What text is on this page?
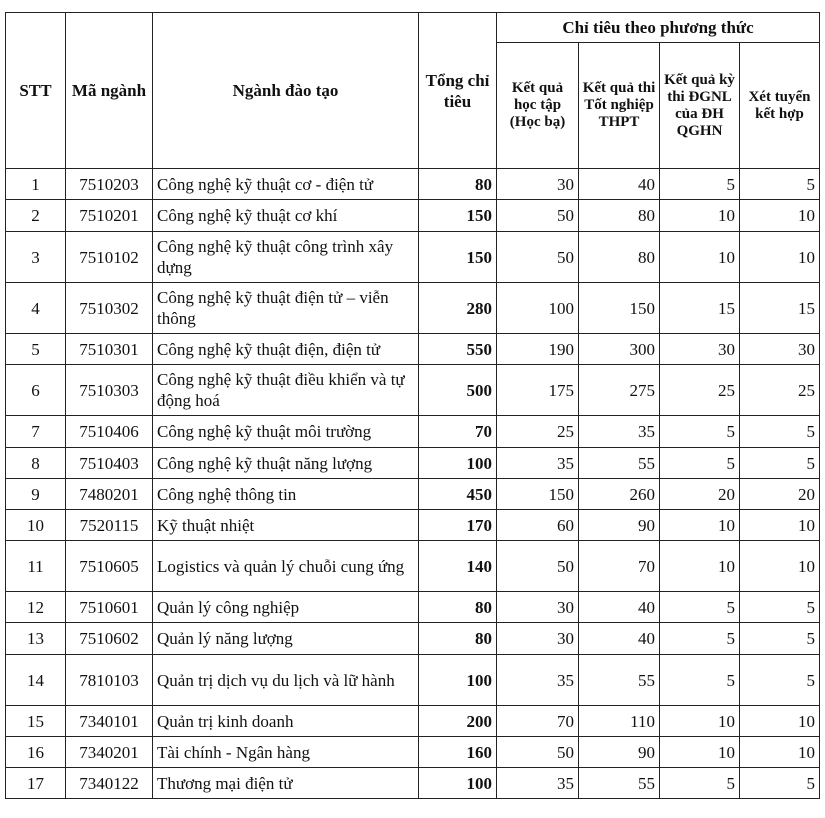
STT	Mã ngành	Ngành đào tạo	Tổng chỉ tiêu	Chỉ tiêu theo phương thức			
				Kết quả học tập (Học bạ)	Kết quả thi Tốt nghiệp THPT	Kết quả kỳ thi ĐGNL của ĐH QGHN	Xét tuyển kết hợp
1	7510203	Công nghệ kỹ thuật cơ - điện tử	80	30	40	5	5
2	7510201	Công nghệ kỹ thuật cơ khí	150	50	80	10	10
3	7510102	Công nghệ kỹ thuật công trình xây dựng	150	50	80	10	10
4	7510302	Công nghệ kỹ thuật điện tử – viễn thông	280	100	150	15	15
5	7510301	Công nghệ kỹ thuật điện, điện tử	550	190	300	30	30
6	7510303	Công nghệ kỹ thuật điều khiển và tự động hoá	500	175	275	25	25
7	7510406	Công nghệ kỹ thuật môi trường	70	25	35	5	5
8	7510403	Công nghệ kỹ thuật năng lượng	100	35	55	5	5
9	7480201	Công nghệ thông tin	450	150	260	20	20
10	7520115	Kỹ thuật nhiệt	170	60	90	10	10
11	7510605	Logistics và quản lý chuỗi cung ứng	140	50	70	10	10
12	7510601	Quản lý công nghiệp	80	30	40	5	5
13	7510602	Quản lý năng lượng	80	30	40	5	5
14	7810103	Quản trị dịch vụ du lịch và lữ hành	100	35	55	5	5
15	7340101	Quản trị kinh doanh	200	70	110	10	10
16	7340201	Tài chính - Ngân hàng	160	50	90	10	10
17	7340122	Thương mại điện tử	100	35	55	5	5
